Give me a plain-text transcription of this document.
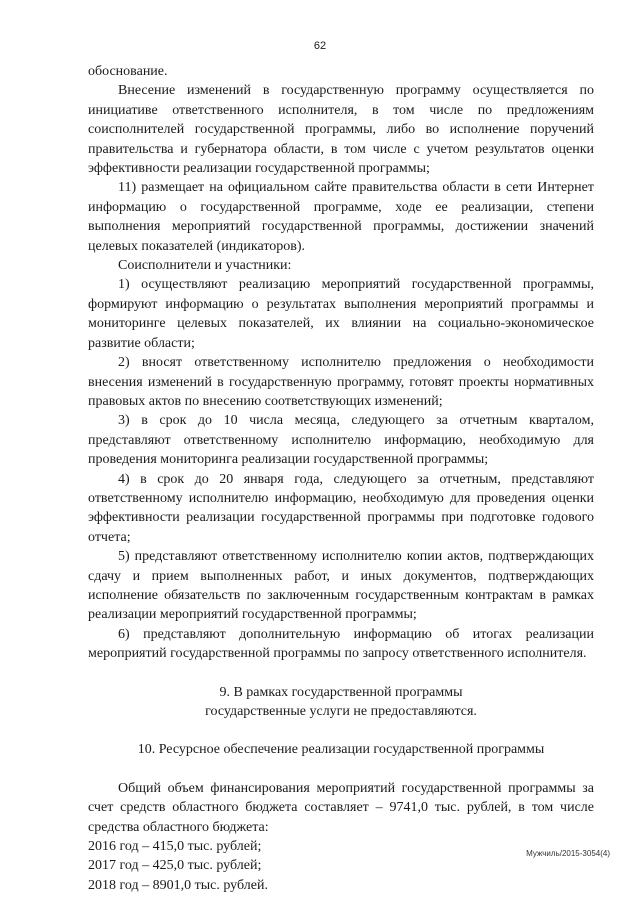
62

обоснование.

Внесение изменений в государственную программу осуществляется по инициативе ответственного исполнителя, в том числе по предложениям соисполнителей государственной программы, либо во исполнение поручений правительства и губернатора области, в том числе с учетом результатов оценки эффективности реализации государственной программы;

11) размещает на официальном сайте правительства области в сети Интернет информацию о государственной программе, ходе ее реализации, степени выполнения мероприятий государственной программы, достижении значений целевых показателей (индикаторов).

Соисполнители и участники:

1) осуществляют реализацию мероприятий государственной программы, формируют информацию о результатах выполнения мероприятий программы и мониторинге целевых показателей, их влиянии на социально-экономическое развитие области;

2) вносят ответственному исполнителю предложения о необходимости внесения изменений в государственную программу, готовят проекты нормативных правовых актов по внесению соответствующих изменений;

3) в срок до 10 числа месяца, следующего за отчетным кварталом, представляют ответственному исполнителю информацию, необходимую для проведения мониторинга реализации государственной программы;

4) в срок до 20 января года, следующего за отчетным, представляют ответственному исполнителю информацию, необходимую для проведения оценки эффективности реализации государственной программы при подготовке годового отчета;

5) представляют ответственному исполнителю копии актов, подтверждающих сдачу и прием выполненных работ, и иных документов, подтверждающих исполнение обязательств по заключенным государственным контрактам в рамках реализации мероприятий государственной программы;

6) представляют дополнительную информацию об итогах реализации мероприятий государственной программы по запросу ответственного исполнителя.

9. В рамках государственной программы
государственные услуги не предоставляются.

10. Ресурсное обеспечение реализации государственной программы

Общий объем финансирования мероприятий государственной программы за счет средств областного бюджета составляет – 9741,0 тыс. рублей, в том числе средства областного бюджета:

2016 год – 415,0 тыс. рублей;

2017 год – 425,0 тыс. рублей;

2018 год – 8901,0 тыс. рублей.

Мужчиль/2015-3054(4)
